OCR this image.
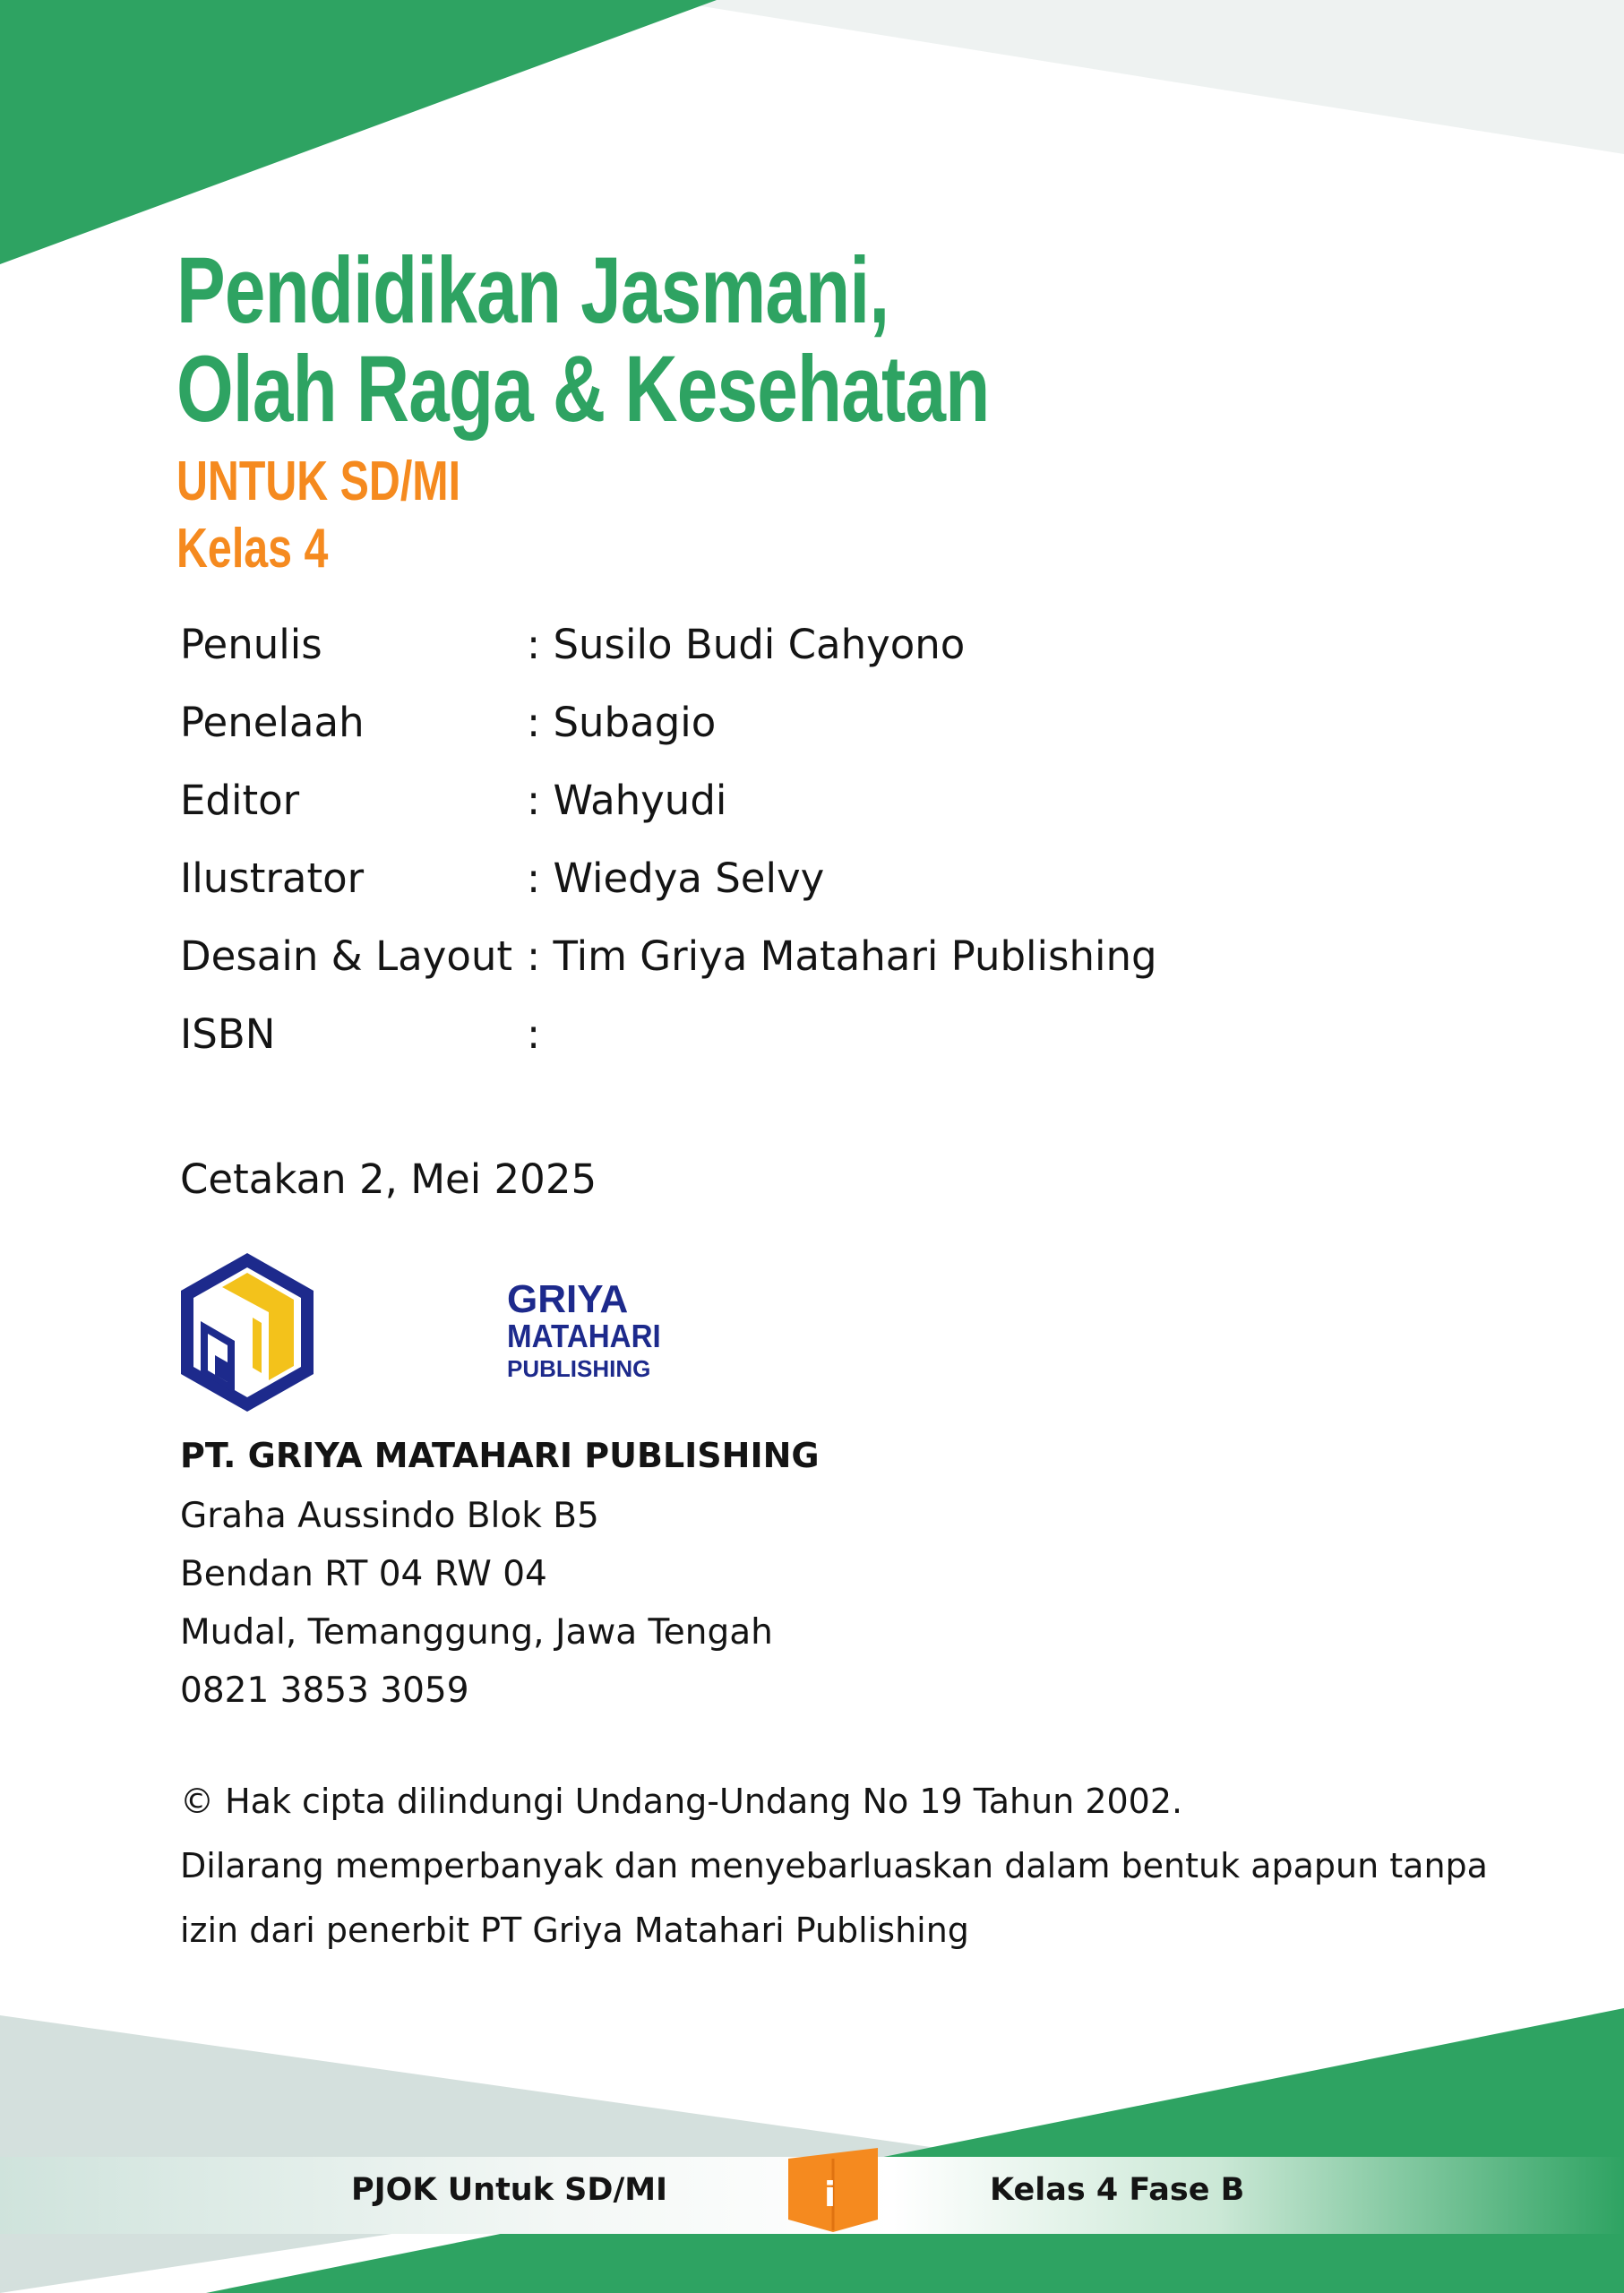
Pendidikan Jasmani,
Olah Raga & Kesehatan
UNTUK SD/MI
Kelas 4
Penulis	: Susilo Budi Cahyono
Penelaah	: Subagio
Editor	: Wahyudi
Ilustrator	: Wiedya Selvy
Desain & Layout : Tim Griya Matahari Publishing
ISBN	:
Cetakan 2, Mei 2025
GRIYA
MATAHARI
PUBLISHING
PT. GRIYA MATAHARI PUBLISHING
Graha Aussindo Blok B5
Bendan RT 04 RW 04
Mudal, Temanggung, Jawa Tengah
0821 3853 3059
© Hak cipta dilindungi Undang-Undang No 19 Tahun 2002.
Dilarang memperbanyak dan menyebarluaskan dalam bentuk apapun tanpa
izin dari penerbit PT Griya Matahari Publishing
PJOK Untuk SD/MI	i	Kelas 4 Fase B
